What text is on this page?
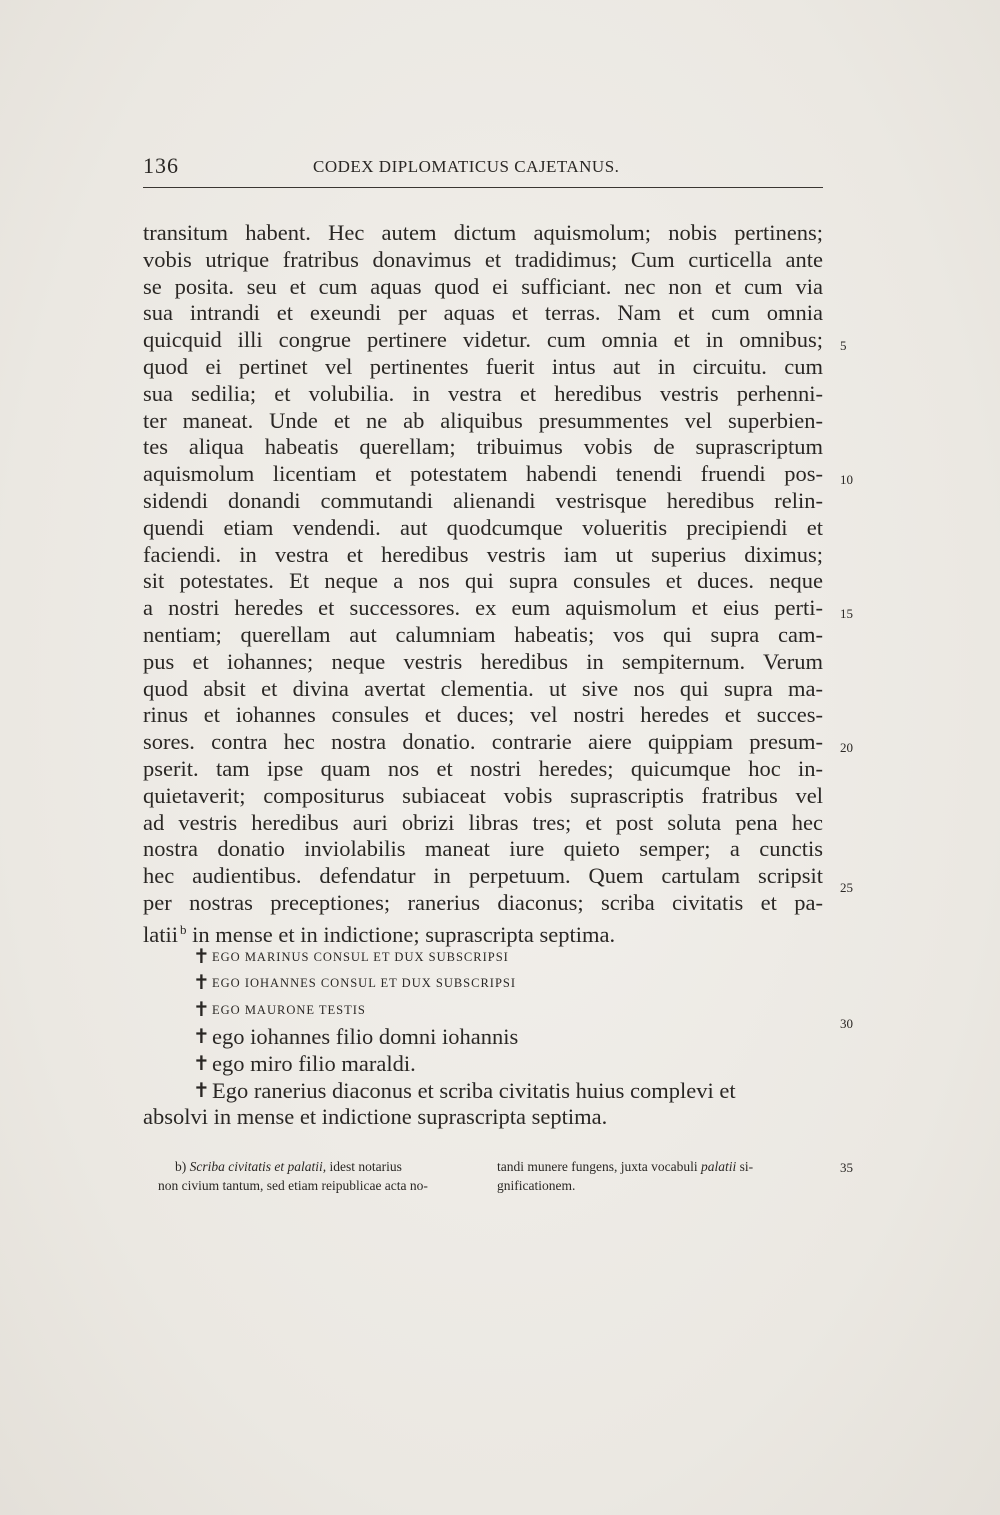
136	CODEX DIPLOMATICUS CAJETANUS.
transitum habent. Hec autem dictum aquismolum; nobis pertinens;
vobis utrique fratribus donavimus et tradidimus; Cum curticella ante
se posita. seu et cum aquas quod ei sufficiant. nec non et cum via
sua intrandi et exeundi per aquas et terras. Nam et cum omnia
quicquid illi congrue pertinere videtur. cum omnia et in omnibus;
quod ei pertinet vel pertinentes fuerit intus aut in circuitu. cum
sua sedilia; et volubilia. in vestra et heredibus vestris perhenni-
ter maneat. Unde et ne ab aliquibus presummentes vel superbien-
tes aliqua habeatis querellam; tribuimus vobis de suprascriptum
aquismolum licentiam et potestatem habendi tenendi fruendi pos-
sidendi donandi commutandi alienandi vestrisque heredibus relin-
quendi etiam vendendi. aut quodcumque volueritis precipiendi et
faciendi. in vestra et heredibus vestris iam ut superius diximus;
sit potestates. Et neque a nos qui supra consules et duces. neque
a nostri heredes et successores. ex eum aquismolum et eius perti-
nentiam; querellam aut calumniam habeatis; vos qui supra cam-
pus et iohannes; neque vestris heredibus in sempiternum. Verum
quod absit et divina avertat clementia. ut sive nos qui supra ma-
rinus et iohannes consules et duces; vel nostri heredes et succes-
sores. contra hec nostra donatio. contrarie aiere quippiam presum-
pserit. tam ipse quam nos et nostri heredes; quicumque hoc in-
quietaverit; compositurus subiaceat vobis suprascriptis fratribus vel
ad vestris heredibus auri obrizi libras tres; et post soluta pena hec
nostra donatio inviolabilis maneat iure quieto semper; a cunctis
hec audientibus. defendatur in perpetuum. Quem cartulam scripsit
per nostras preceptiones; ranerius diaconus; scriba civitatis et pa-
latii $^b$ in mense et in indictione; suprascripta septima.
✝ EGO MARINUS CONSUL ET DUX SUBSCRIPSI
✝ EGO IOHANNES CONSUL ET DUX SUBSCRIPSI
✝ EGO MAURONE TESTIS
✝ ego iohannes filio domni iohannis
✝ ego miro filio maraldi.
✝ Ego ranerius diaconus et scriba civitatis huius complevi et
absolvi in mense et indictione suprascripta septima.
5
10
15
20
25
30
35
b) Scriba civitatis et palatii, idest notarius
non civium tantum, sed etiam reipublicae acta no-
tandi munere fungens, juxta vocabuli palatii si-
gnificationem.
